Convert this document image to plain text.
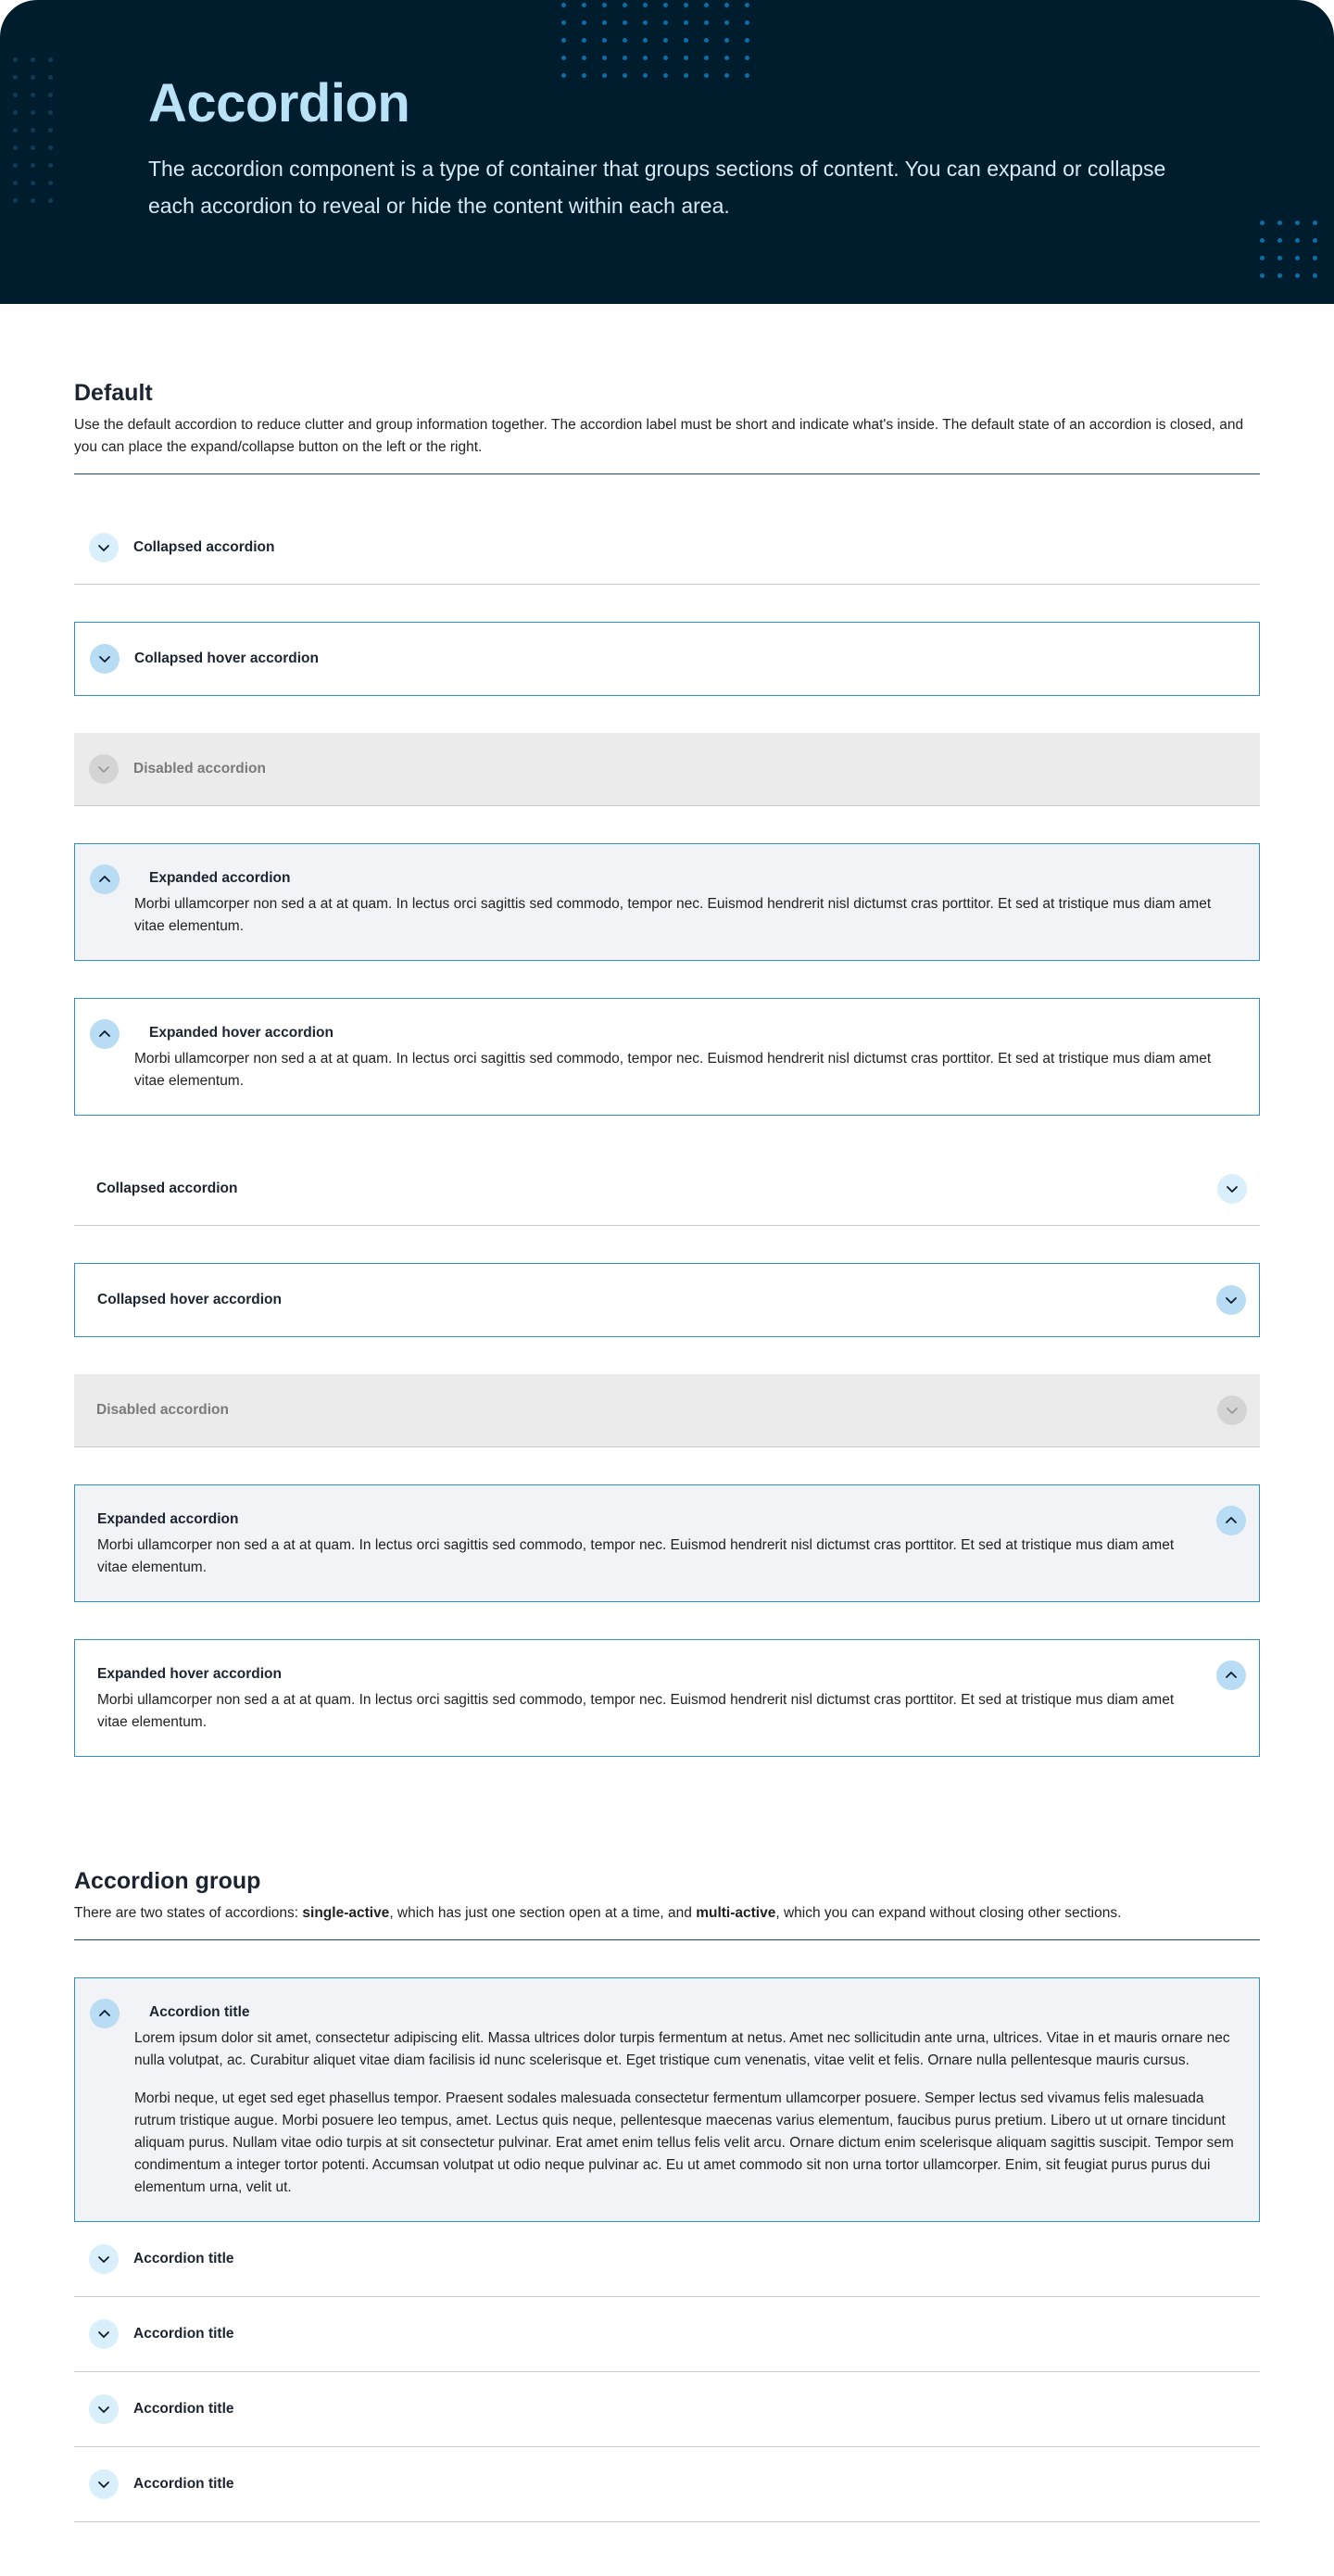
Accordion

The accordion component is a type of container that groups sections of content. You can expand or collapse each accordion to reveal or hide the content within each area.

Default

Use the default accordion to reduce clutter and group information together. The accordion label must be short and indicate what's inside. The default state of an accordion is closed, and you can place the expand/collapse button on the left or the right.

Collapsed accordion
Collapsed hover accordion
Disabled accordion
Expanded accordion

Morbi ullamcorper non sed a at at quam. In lectus orci sagittis sed commodo, tempor nec. Euismod hendrerit nisl dictumst cras porttitor. Et sed at tristique mus diam amet vitae elementum.

Expanded hover accordion

Morbi ullamcorper non sed a at at quam. In lectus orci sagittis sed commodo, tempor nec. Euismod hendrerit nisl dictumst cras porttitor. Et sed at tristique mus diam amet vitae elementum.

Collapsed accordion
Collapsed hover accordion
Disabled accordion
Expanded accordion

Morbi ullamcorper non sed a at at quam. In lectus orci sagittis sed commodo, tempor nec. Euismod hendrerit nisl dictumst cras porttitor. Et sed at tristique mus diam amet vitae elementum.

Expanded hover accordion

Morbi ullamcorper non sed a at at quam. In lectus orci sagittis sed commodo, tempor nec. Euismod hendrerit nisl dictumst cras porttitor. Et sed at tristique mus diam amet vitae elementum.

Accordion group

There are two states of accordions: single-active, which has just one section open at a time, and multi-active, which you can expand without closing other sections.

Accordion title

Lorem ipsum dolor sit amet, consectetur adipiscing elit. Massa ultrices dolor turpis fermentum at netus. Amet nec sollicitudin ante urna, ultrices. Vitae in et mauris ornare nec nulla volutpat, ac. Curabitur aliquet vitae diam facilisis id nunc scelerisque et. Eget tristique cum venenatis, vitae velit et felis. Ornare nulla pellentesque mauris cursus.

Morbi neque, ut eget sed eget phasellus tempor. Praesent sodales malesuada consectetur fermentum ullamcorper posuere. Semper lectus sed vivamus felis malesuada rutrum tristique augue. Morbi posuere leo tempus, amet. Lectus quis neque, pellentesque maecenas varius elementum, faucibus purus pretium. Libero ut ut ornare tincidunt aliquam purus. Nullam vitae odio turpis at sit consectetur pulvinar. Erat amet enim tellus felis velit arcu. Ornare dictum enim scelerisque aliquam sagittis suscipit. Tempor sem condimentum a integer tortor potenti. Accumsan volutpat ut odio neque pulvinar ac. Eu ut amet commodo sit non urna tortor ullamcorper. Enim, sit feugiat purus purus dui elementum urna, velit ut.

Accordion title
Accordion title
Accordion title
Accordion title
